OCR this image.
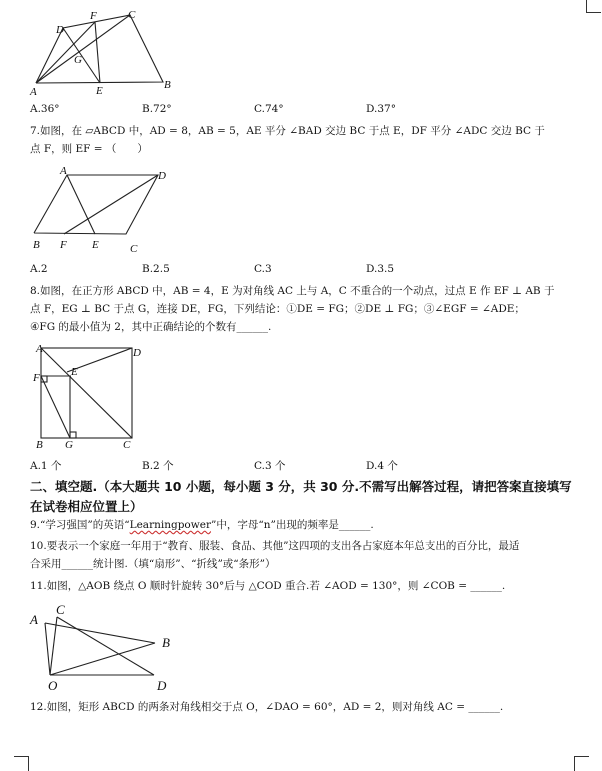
D
F	C
G
A	E	B
A.36°	B.72°	C.74°	D.37°
7.如图，在 ▱ABCD 中，AD = 8，AB = 5，AE 平分 ∠BAD 交边 BC 于点 E，DF 平分 ∠ADC 交边 BC 于
点 F，则 EF = （　　）
A	D
B F E	C
A.2	B.2.5	C.3	D.3.5
8.如图，在正方形 ABCD 中，AB = 4，E 为对角线 AC 上与 A，C 不重合的一个动点，过点 E 作 EF ⊥ AB 于
点 F，EG ⊥ BC 于点 G，连接 DE，FG，下列结论：①DE = FG；②DE ⊥ FG；③∠EGF = ∠ADE；
④FG 的最小值为 2，其中正确结论的个数有______.
A	D
F	E
B G	C
A.1 个	B.2 个	C.3 个	D.4 个
二、填空题.（本大题共 10 小题，每小题 3 分，共 30 分.不需写出解答过程，请把答案直接填写
在试卷相应位置上）
9.“学习强国”的英语“Learningpower”中，字母“n”出现的频率是______.
10.要表示一个家庭一年用于“教育、服装、食品、其他”这四项的支出各占家庭本年总支出的百分比，最适
合采用______统计图.（填“扇形”、“折线”或“条形”）
11.如图，△AOB 绕点 O 顺时针旋转 30°后与 △COD 重合.若 ∠AOD = 130°，则 ∠COB = ______.
C
A
B
O	D
12.如图，矩形 ABCD 的两条对角线相交于点 O，∠DAO = 60°，AD = 2，则对角线 AC = ______.
